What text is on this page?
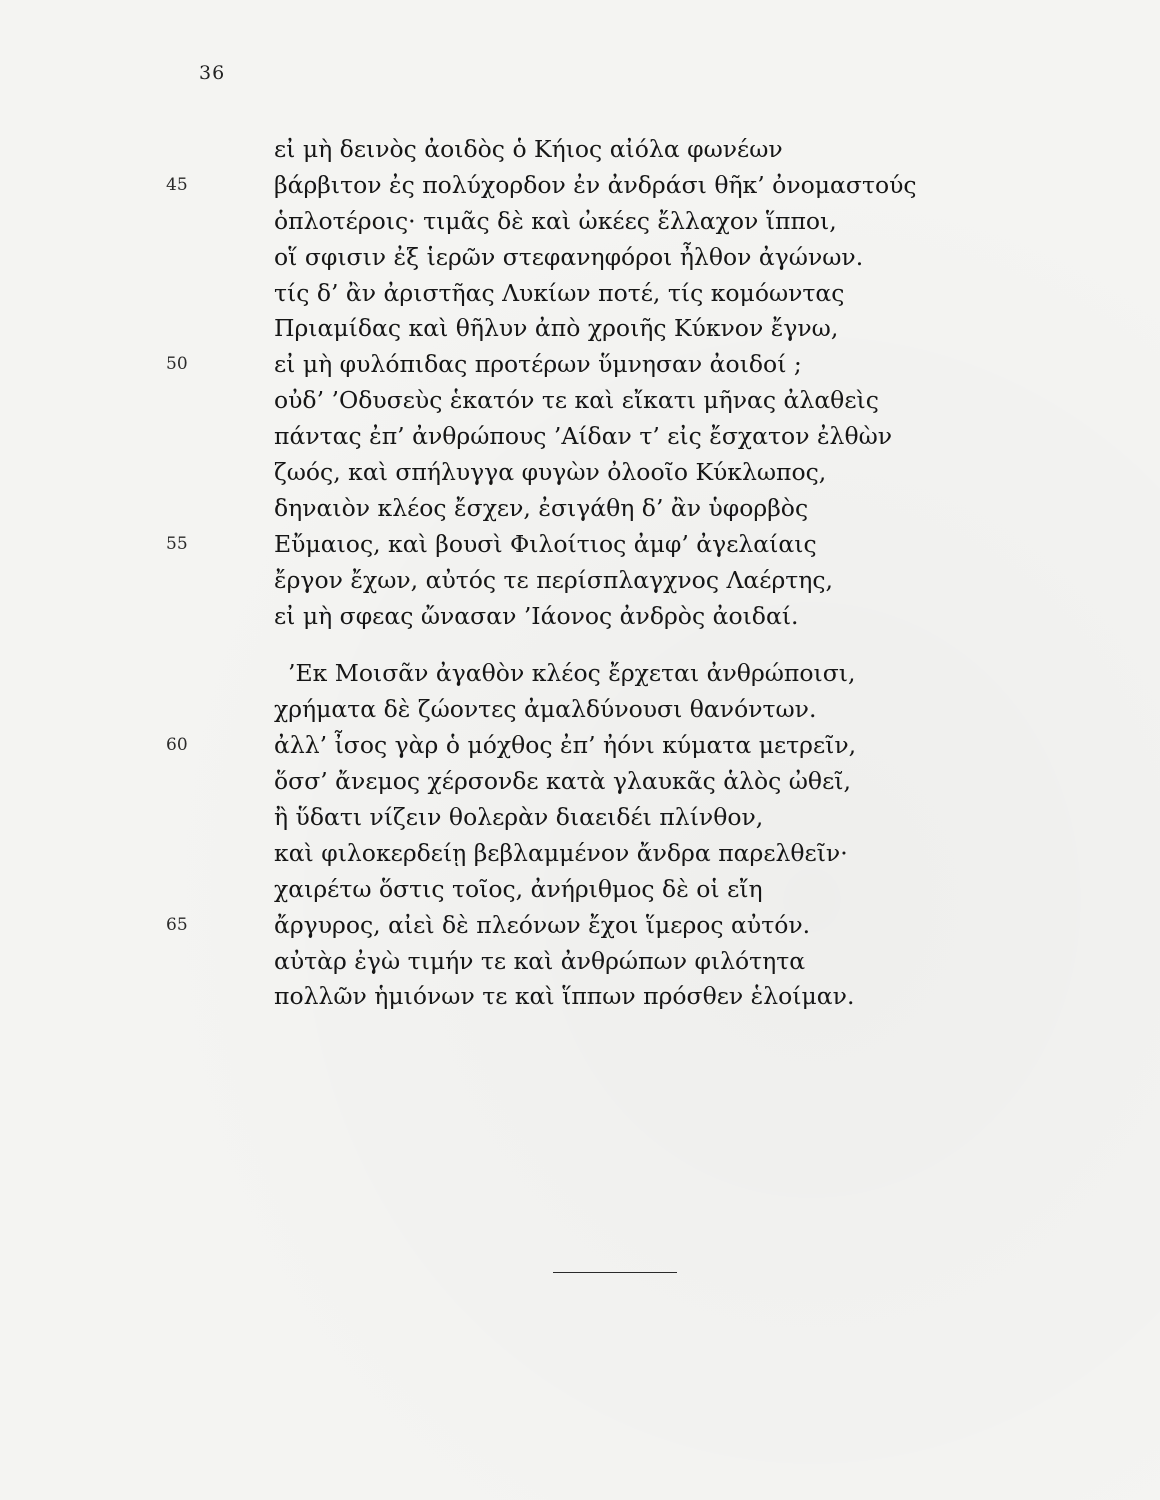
36
εἰ μὴ δεινὸς ἀοιδὸς ὁ Κήιος αἰόλα φωνέων
45	βάρβιτον ἐς πολύχορδον ἐν ἀνδράσι θῆκ’ ὀνομαστούς
ὁπλοτέροις· τιμᾶς δὲ καὶ ὠκέες ἔλλαχον ἵπποι,
οἵ σφισιν ἐξ ἱερῶν στεφανηφόροι ἦλθον ἀγώνων.
τίς δ’ ἂν ἀριστῆας Λυκίων ποτέ, τίς κομόωντας
Πριαμίδας καὶ θῆλυν ἀπὸ χροιῆς Κύκνον ἔγνω,
50	εἰ μὴ φυλόπιδας προτέρων ὕμνησαν ἀοιδοί ;
οὐδ’ ’Οδυσεὺς ἑκατόν τε καὶ εἴκατι μῆνας ἀλαθεὶς
πάντας ἐπ’ ἀνθρώπους ’Αίδαν τ’ εἰς ἔσχατον ἐλθὼν
ζωός, καὶ σπήλυγγα φυγὼν ὀλοοῖο Κύκλωπος,
δηναιὸν κλέος ἔσχεν, ἐσιγάθη δ’ ἂν ὑφορβὸς
55	Εὔμαιος, καὶ βουσὶ Φιλοίτιος ἀμφ’ ἀγελαίαις
ἔργον ἔχων, αὐτός τε περίσπλαγχνος Λαέρτης,
εἰ μὴ σφεας ὤνασαν ’Ιάονος ἀνδρὸς ἀοιδαί.
’Εκ Μοισᾶν ἀγαθὸν κλέος ἔρχεται ἀνθρώποισι,
χρήματα δὲ ζώοντες ἀμαλδύνουσι θανόντων.
60	ἀλλ’ ἶσος γὰρ ὁ μόχθος ἐπ’ ἠόνι κύματα μετρεῖν,
ὅσσ’ ἄνεμος χέρσονδε κατὰ γλαυκᾶς ἁλὸς ὠθεῖ,
ἢ ὕδατι νίζειν θολερὰν διαειδέι πλίνθον,
καὶ φιλοκερδείῃ βεβλαμμένον ἄνδρα παρελθεῖν·
χαιρέτω ὅστις τοῖος, ἀνήριθμος δὲ οἱ εἴη
65	ἄργυρος, αἰεὶ δὲ πλεόνων ἔχοι ἵμερος αὐτόν.
αὐτὰρ ἐγὼ τιμήν τε καὶ ἀνθρώπων φιλότητα
πολλῶν ἡμιόνων τε καὶ ἵππων πρόσθεν ἑλοίμαν.
